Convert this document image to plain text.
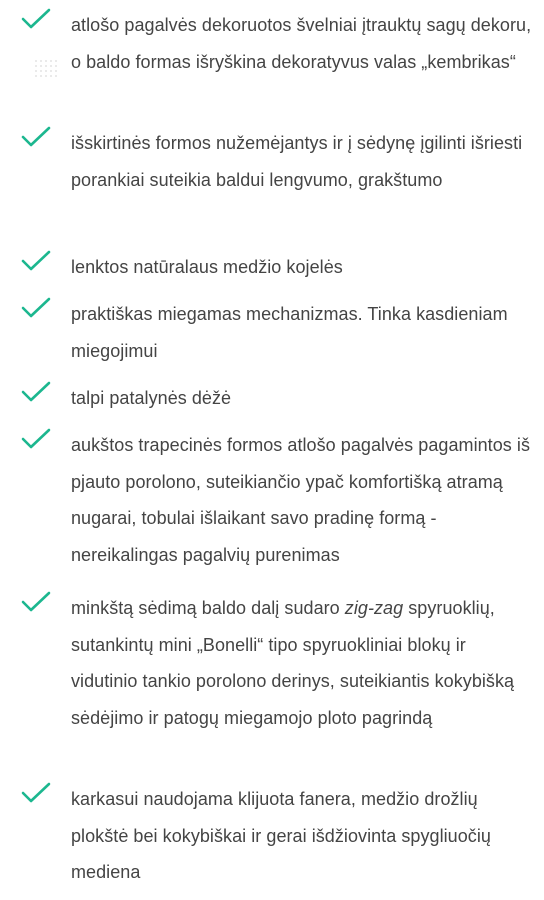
atlošo pagalvės dekoruotos švelniai įtrauktų sagų dekoru, o baldo formas išryškina dekoratyvus valas „kembrikas“
išskirtinės formos nužemėjantys ir į sėdynę įgilinti išriesti porankiai suteikia baldui lengvumo, grakštumo
lenktos natūralaus medžio kojelės
praktiškas miegamas mechanizmas. Tinka kasdieniam miegojimui
talpi patalynės dėžė
aukštos trapecinės formos atlošo pagalvės pagamintos iš pjauto porolono, suteikiančio ypač komfortišką atramą nugarai, tobulai išlaikant savo pradinę formą - nereikalingas pagalvių purenimas
minkštą sėdimą baldo dalį sudaro zig-zag spyruoklių, sutankintų mini „Bonelli“ tipo spyruokliniai blokų ir vidutinio tankio porolono derinys, suteikiantis kokybišką sėdėjimo ir patogų miegamojo ploto pagrindą
karkasui naudojama klijuota fanera, medžio drožlių plokštė bei kokybiškai ir gerai išdžiovinta spygliuočių mediena
